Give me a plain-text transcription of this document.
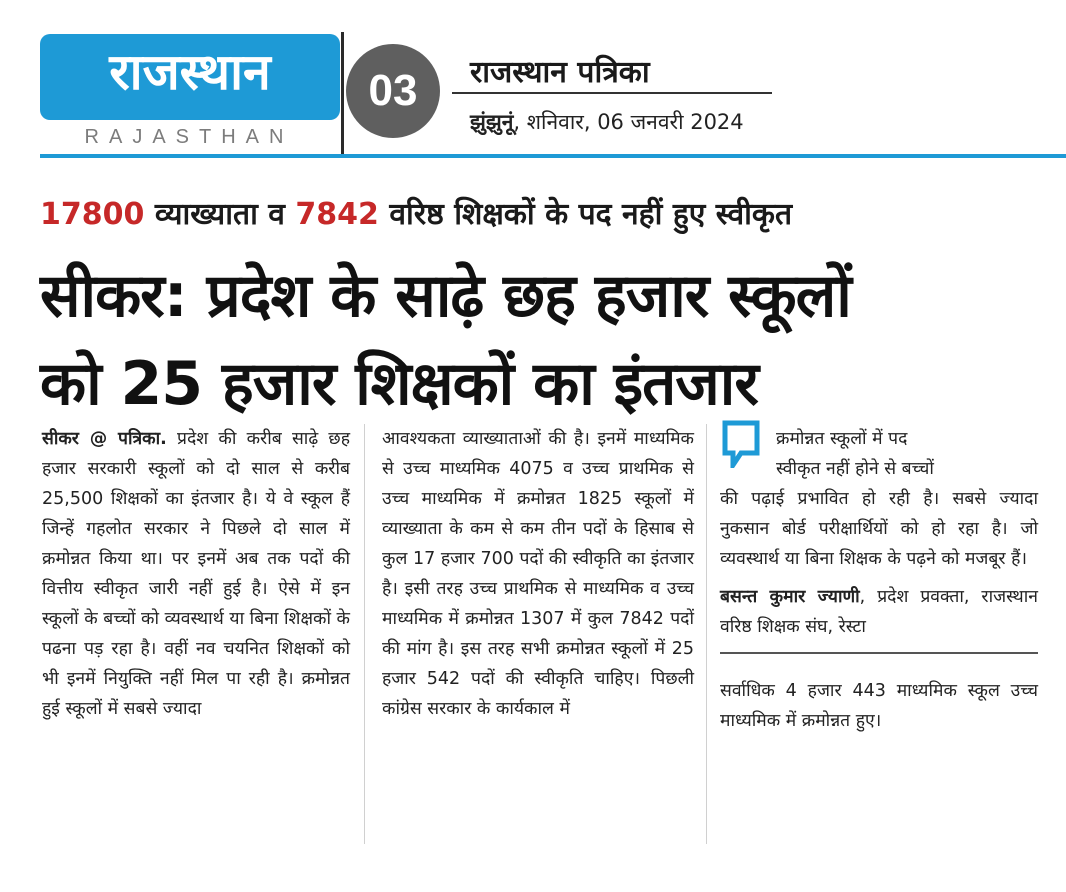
राजस्थान
RAJASTHAN
03	राजस्थान पत्रिका
झुंझुनूं, शनिवार, 06 जनवरी 2024
17800 व्याख्याता व 7842 वरिष्ठ शिक्षकों के पद नहीं हुए स्वीकृत
सीकर: प्रदेश के साढ़े छह हजार स्कूलों
को 25 हजार शिक्षकों का इंतजार

सीकर @ पत्रिका. प्रदेश की करीब साढ़े छह हजार सरकारी स्कूलों को दो साल से करीब 25,500 शिक्षकों का इंतजार है। ये वे स्कूल हैं जिन्हें गहलोत सरकार ने पिछले दो साल में क्रमोन्नत किया था। पर इनमें अब तक पदों की वित्तीय स्वीकृत जारी नहीं हुई है। ऐसे में इन स्कूलों के बच्चों को व्यवस्थार्थ या बिना शिक्षकों के पढना पड़ रहा है। वहीं नव चयनित शिक्षकों को भी इनमें नियुक्ति नहीं मिल पा रही है। क्रमोन्नत हुई स्कूलों में सबसे ज्यादा

आवश्यकता व्याख्याताओं की है। इनमें माध्यमिक से उच्च माध्यमिक 4075 व उच्च प्राथमिक से उच्च माध्यमिक में क्रमोन्नत 1825 स्कूलों में व्याख्याता के कम से कम तीन पदों के हिसाब से कुल 17 हजार 700 पदों की स्वीकृति का इंतजार है। इसी तरह उच्च प्राथमिक से माध्यमिक व उच्च माध्यमिक में क्रमोन्नत 1307 में कुल 7842 पदों की मांग है। इस तरह सभी क्रमोन्नत स्कूलों में 25 हजार 542 पदों की स्वीकृति चाहिए। पिछली कांग्रेस सरकार के कार्यकाल में

क्रमोन्नत स्कूलों में पद
स्वीकृत नहीं होने से बच्चों
की पढ़ाई प्रभावित हो रही है। सबसे ज्यादा नुकसान बोर्ड परीक्षार्थियों को हो रहा है। जो व्यवस्थार्थ या बिना शिक्षक के पढ़ने को मजबूर हैं।
बसन्त कुमार ज्याणी, प्रदेश प्रवक्ता, राजस्थान वरिष्ठ शिक्षक संघ, रेस्टा
सर्वाधिक 4 हजार 443 माध्यमिक स्कूल उच्च माध्यमिक में क्रमोन्नत हुए।
